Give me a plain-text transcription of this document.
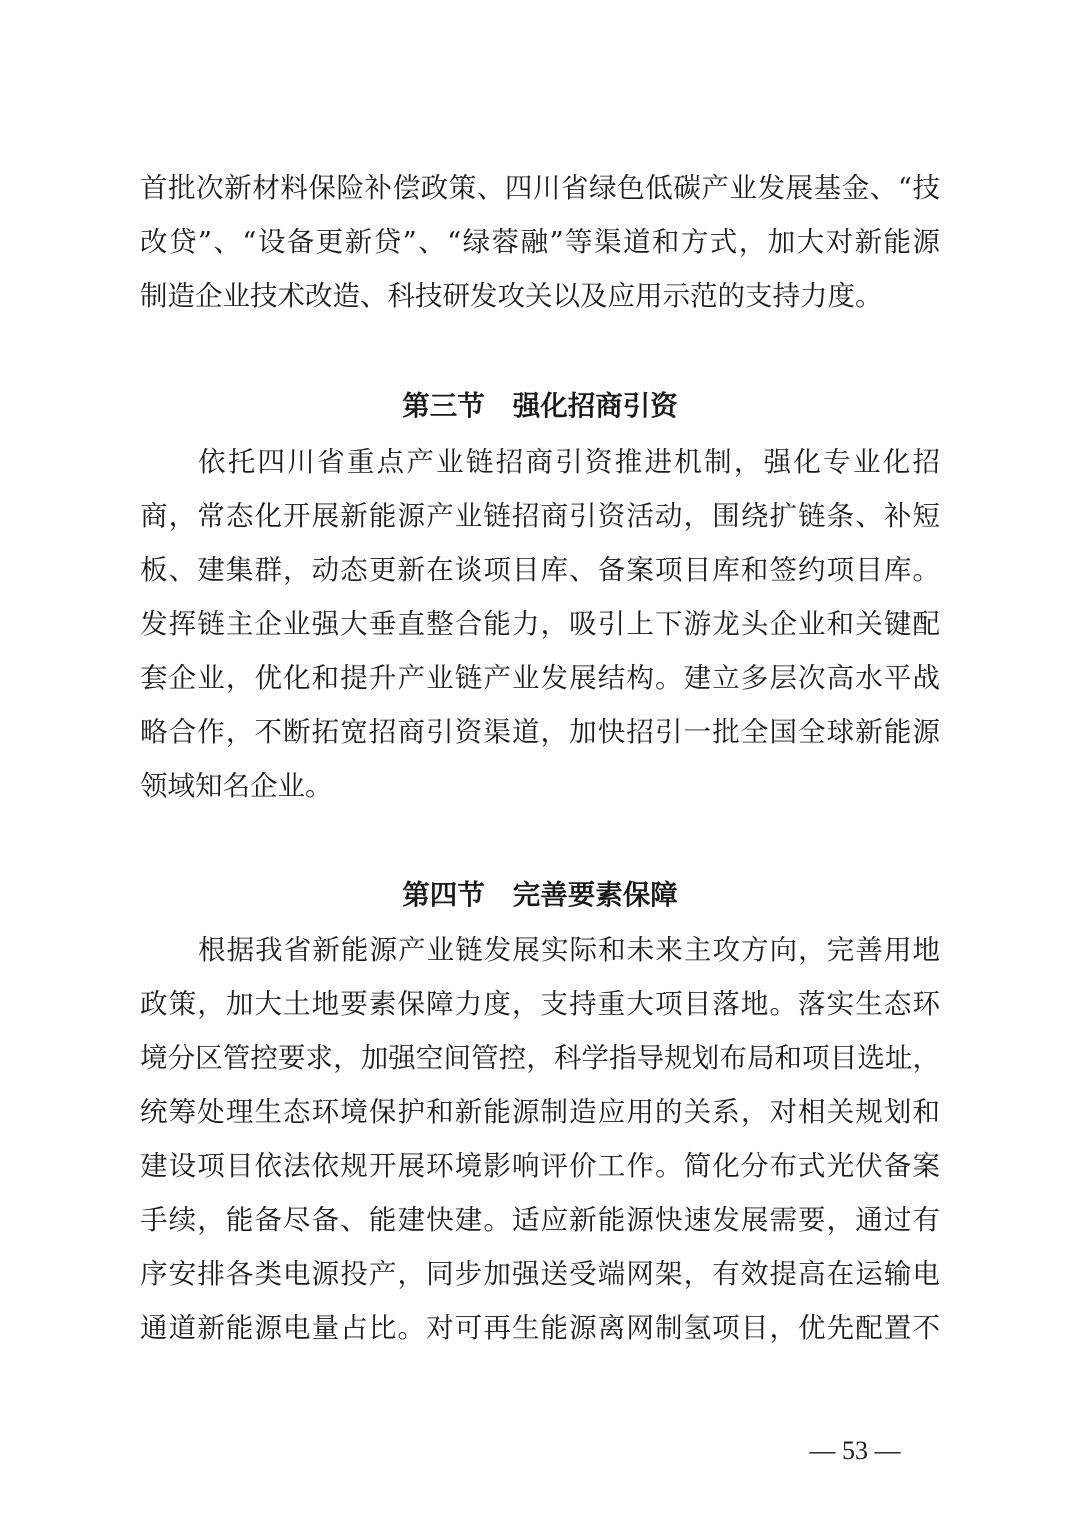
首批次新材料保险补偿政策、四川省绿色低碳产业发展基金、“技
改贷”、“设备更新贷”、“绿蓉融”等渠道和方式，加大对新能源
制造企业技术改造、科技研发攻关以及应用示范的支持力度。
第三节 强化招商引资
依托四川省重点产业链招商引资推进机制，强化专业化招
商，常态化开展新能源产业链招商引资活动，围绕扩链条、补短
板、建集群，动态更新在谈项目库、备案项目库和签约项目库。
发挥链主企业强大垂直整合能力，吸引上下游龙头企业和关键配
套企业，优化和提升产业链产业发展结构。建立多层次高水平战
略合作，不断拓宽招商引资渠道，加快招引一批全国全球新能源
领域知名企业。
第四节 完善要素保障
根据我省新能源产业链发展实际和未来主攻方向，完善用地
政策，加大土地要素保障力度，支持重大项目落地。落实生态环
境分区管控要求，加强空间管控，科学指导规划布局和项目选址，
统筹处理生态环境保护和新能源制造应用的关系，对相关规划和
建设项目依法依规开展环境影响评价工作。简化分布式光伏备案
手续，能备尽备、能建快建。适应新能源快速发展需要，通过有
序安排各类电源投产，同步加强送受端网架，有效提高在运输电
通道新能源电量占比。对可再生能源离网制氢项目，优先配置不
— 53 —
